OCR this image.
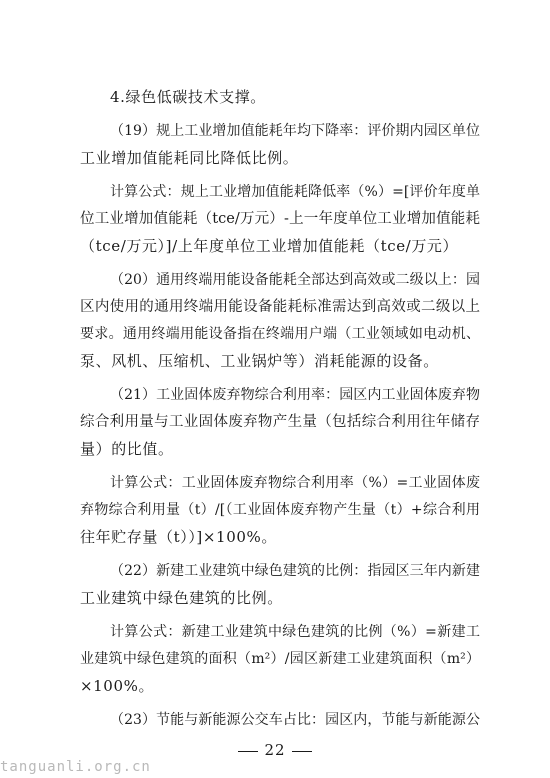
4.绿色低碳技术支撑。
（19）规上工业增加值能耗年均下降率：评价期内园区单位
工业增加值能耗同比降低比例。
计算公式：规上工业增加值能耗降低率（%）=[评价年度单
位工业增加值能耗（tce/万元）-上一年度单位工业增加值能耗
（tce/万元）]/上年度单位工业增加值能耗（tce/万元）
（20）通用终端用能设备能耗全部达到高效或二级以上：园
区内使用的通用终端用能设备能耗标准需达到高效或二级以上
要求。通用终端用能设备指在终端用户端（工业领域如电动机、
泵、风机、压缩机、工业锅炉等）消耗能源的设备。
（21）工业固体废弃物综合利用率：园区内工业固体废弃物
综合利用量与工业固体废弃物产生量（包括综合利用往年储存
量）的比值。
计算公式：工业固体废弃物综合利用率（%）=工业固体废
弃物综合利用量（t）/[（工业固体废弃物产生量（t）+综合利用
往年贮存量（t））]×100%。
（22）新建工业建筑中绿色建筑的比例：指园区三年内新建
工业建筑中绿色建筑的比例。
计算公式：新建工业建筑中绿色建筑的比例（%）=新建工
业建筑中绿色建筑的面积（m²）/园区新建工业建筑面积（m²）
×100%。
（23）节能与新能源公交车占比：园区内，节能与新能源公
22
tanguanli.org.cn
